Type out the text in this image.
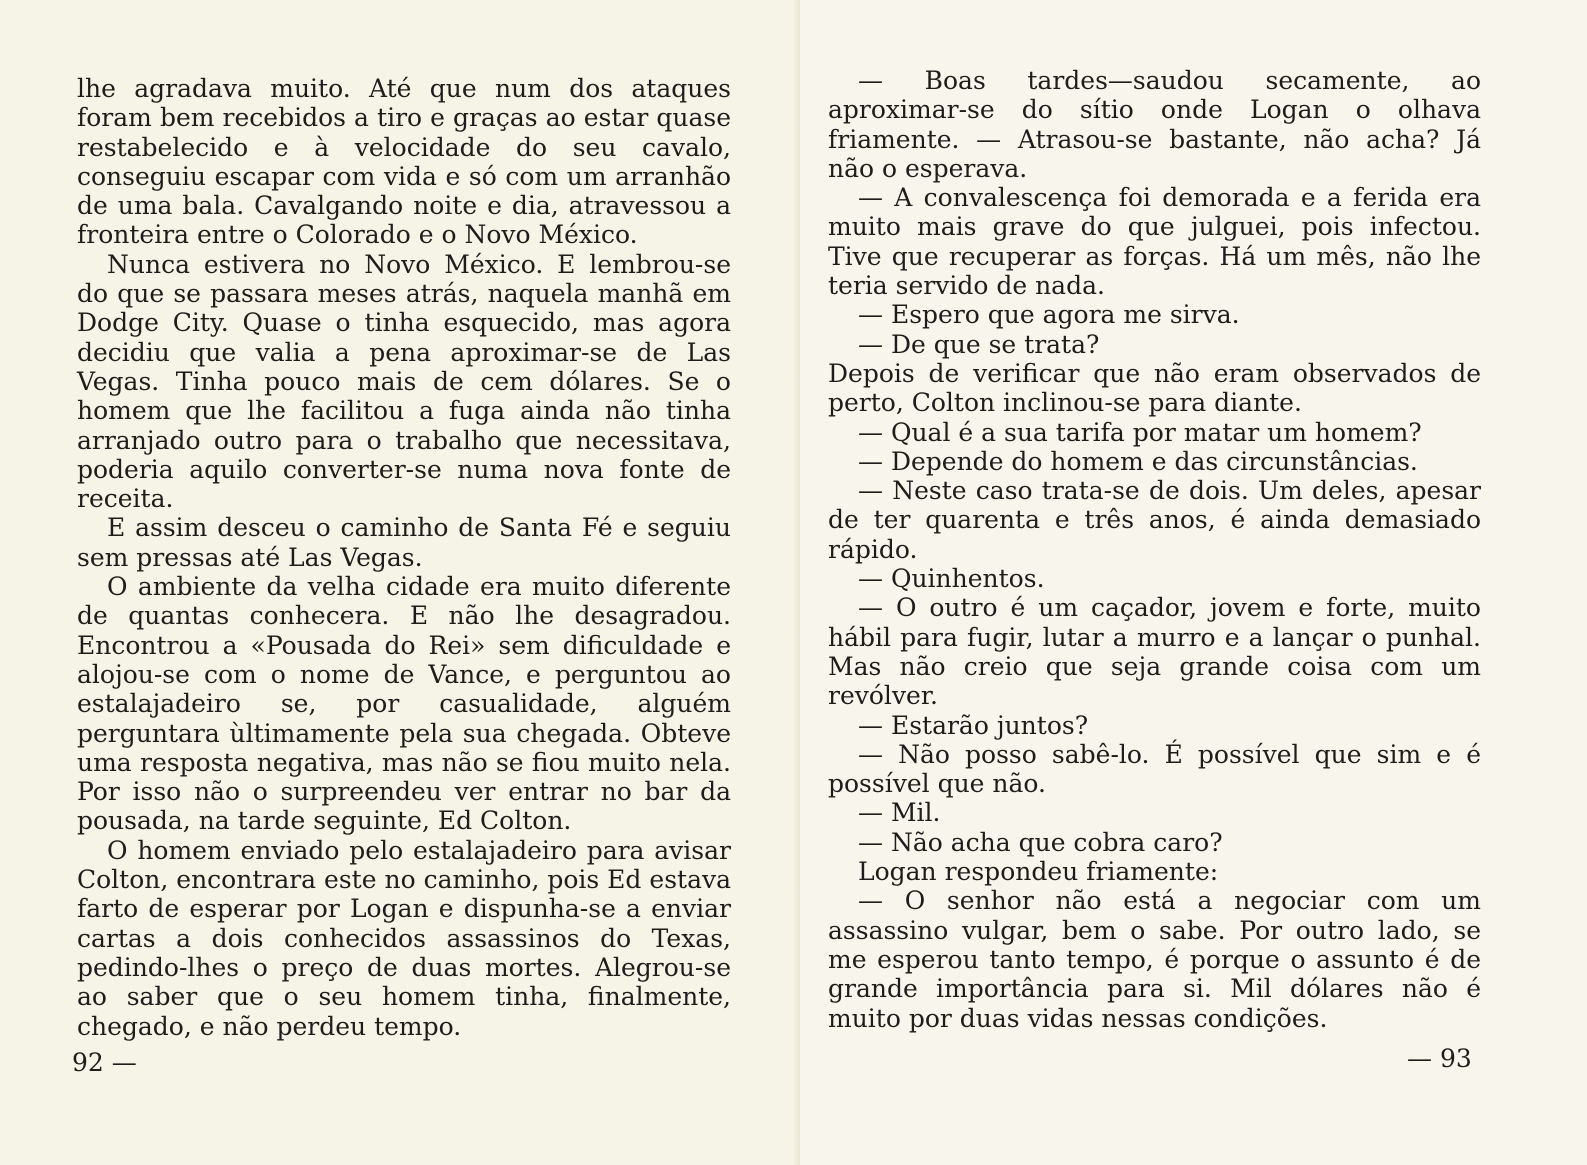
lhe agradava muito. Até que num dos ataques foram bem recebidos a tiro e graças ao estar quase restabelecido e à velocidade do seu cavalo, conseguiu escapar com vida e só com um arranhão de uma bala. Cavalgando noite e dia, atravessou a fronteira entre o Colorado e o Novo México.

Nunca estivera no Novo México. E lembrou-se do que se passara meses atrás, naquela manhã em Dodge City. Quase o tinha esquecido, mas agora decidiu que valia a pena aproximar-se de Las Vegas. Tinha pouco mais de cem dólares. Se o homem que lhe facilitou a fuga ainda não tinha arranjado outro para o trabalho que necessitava, poderia aquilo converter-se numa nova fonte de receita.

E assim desceu o caminho de Santa Fé e seguiu sem pressas até Las Vegas.

O ambiente da velha cidade era muito diferente de quantas conhecera. E não lhe desagradou. Encontrou a «Pousada do Rei» sem dificuldade e alojou-se com o nome de Vance, e perguntou ao estalajadeiro se, por casualidade, alguém perguntara ùltimamente pela sua chegada. Obteve uma resposta negativa, mas não se fiou muito nela. Por isso não o surpreendeu ver entrar no bar da pousada, na tarde seguinte, Ed Colton.

O homem enviado pelo estalajadeiro para avisar Colton, encontrara este no caminho, pois Ed estava farto de esperar por Logan e dispunha-se a enviar cartas a dois conhecidos assassinos do Texas, pedindo-lhes o preço de duas mortes. Alegrou-se ao saber que o seu homem tinha, finalmente, chegado, e não perdeu tempo.

92 —

— Boas tardes—saudou secamente, ao aproximar-se do sítio onde Logan o olhava friamente. — Atrasou-se bastante, não acha? Já não o esperava.

— A convalescença foi demorada e a ferida era muito mais grave do que julguei, pois infectou. Tive que recuperar as forças. Há um mês, não lhe teria servido de nada.

— Espero que agora me sirva.

— De que se trata?

Depois de verificar que não eram observados de perto, Colton inclinou-se para diante.

— Qual é a sua tarifa por matar um homem?

— Depende do homem e das circunstâncias.

— Neste caso trata-se de dois. Um deles, apesar de ter quarenta e três anos, é ainda demasiado rápido.

— Quinhentos.

— O outro é um caçador, jovem e forte, muito hábil para fugir, lutar a murro e a lançar o punhal. Mas não creio que seja grande coisa com um revólver.

— Estarão juntos?

— Não posso sabê-lo. É possível que sim e é possível que não.

— Mil.

— Não acha que cobra caro?

Logan respondeu friamente:

— O senhor não está a negociar com um assassino vulgar, bem o sabe. Por outro lado, se me esperou tanto tempo, é porque o assunto é de grande importância para si. Mil dólares não é muito por duas vidas nessas condições.

— 93
